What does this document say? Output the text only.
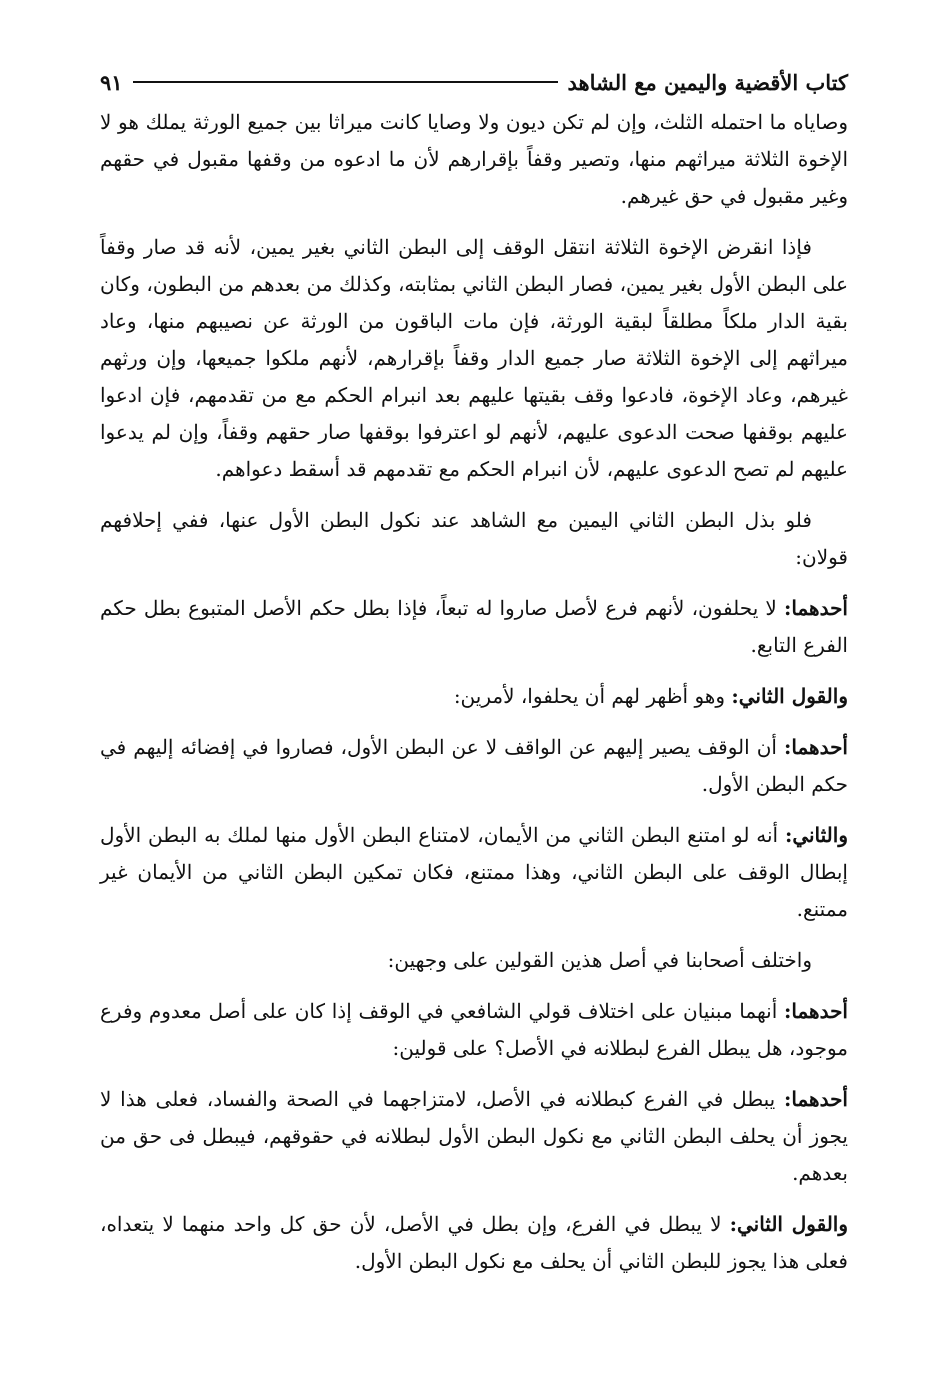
كتاب الأقضية واليمين مع الشاهد
٩١

وصاياه ما احتمله الثلث، وإن لم تكن ديون ولا وصايا كانت ميراثا بين جميع الورثة يملك هو لا الإخوة الثلاثة ميراثهم منها، وتصير وقفاً بإقرارهم لأن ما ادعوه من وقفها مقبول في حقهم وغير مقبول في حق غيرهم.

فإذا انقرض الإخوة الثلاثة انتقل الوقف إلى البطن الثاني بغير يمين، لأنه قد صار وقفاً على البطن الأول بغير يمين، فصار البطن الثاني بمثابته، وكذلك من بعدهم من البطون، وكان بقية الدار ملكاً مطلقاً لبقية الورثة، فإن مات الباقون من الورثة عن نصيبهم منها، وعاد ميراثهم إلى الإخوة الثلاثة صار جميع الدار وقفاً بإقرارهم، لأنهم ملكوا جميعها، وإن ورثهم غيرهم، وعاد الإخوة، فادعوا وقف بقيتها عليهم بعد انبرام الحكم مع من تقدمهم، فإن ادعوا عليهم بوقفها صحت الدعوى عليهم، لأنهم لو اعترفوا بوقفها صار حقهم وقفاً، وإن لم يدعوا عليهم لم تصح الدعوى عليهم، لأن انبرام الحكم مع تقدمهم قد أسقط دعواهم.

فلو بذل البطن الثاني اليمين مع الشاهد عند نكول البطن الأول عنها، ففي إحلافهم قولان:

أحدهما: لا يحلفون، لأنهم فرع لأصل صاروا له تبعاً، فإذا بطل حكم الأصل المتبوع بطل حكم الفرع التابع.

والقول الثاني: وهو أظهر لهم أن يحلفوا، لأمرين:

أحدهما: أن الوقف يصير إليهم عن الواقف لا عن البطن الأول، فصاروا في إفضائه إليهم في حكم البطن الأول.

والثاني: أنه لو امتنع البطن الثاني من الأيمان، لامتناع البطن الأول منها لملك به البطن الأول إبطال الوقف على البطن الثاني، وهذا ممتنع، فكان تمكين البطن الثاني من الأيمان غير ممتنع.

واختلف أصحابنا في أصل هذين القولين على وجهين:

أحدهما: أنهما مبنيان على اختلاف قولي الشافعي في الوقف إذا كان على أصل معدوم وفرع موجود، هل يبطل الفرع لبطلانه في الأصل؟ على قولين:

أحدهما: يبطل في الفرع كبطلانه في الأصل، لامتزاجهما في الصحة والفساد، فعلى هذا لا يجوز أن يحلف البطن الثاني مع نكول البطن الأول لبطلانه في حقوقهم، فيبطل فى حق من بعدهم.

والقول الثاني: لا يبطل في الفرع، وإن بطل في الأصل، لأن حق كل واحد منهما لا يتعداه، فعلى هذا يجوز للبطن الثاني أن يحلف مع نكول البطن الأول.
